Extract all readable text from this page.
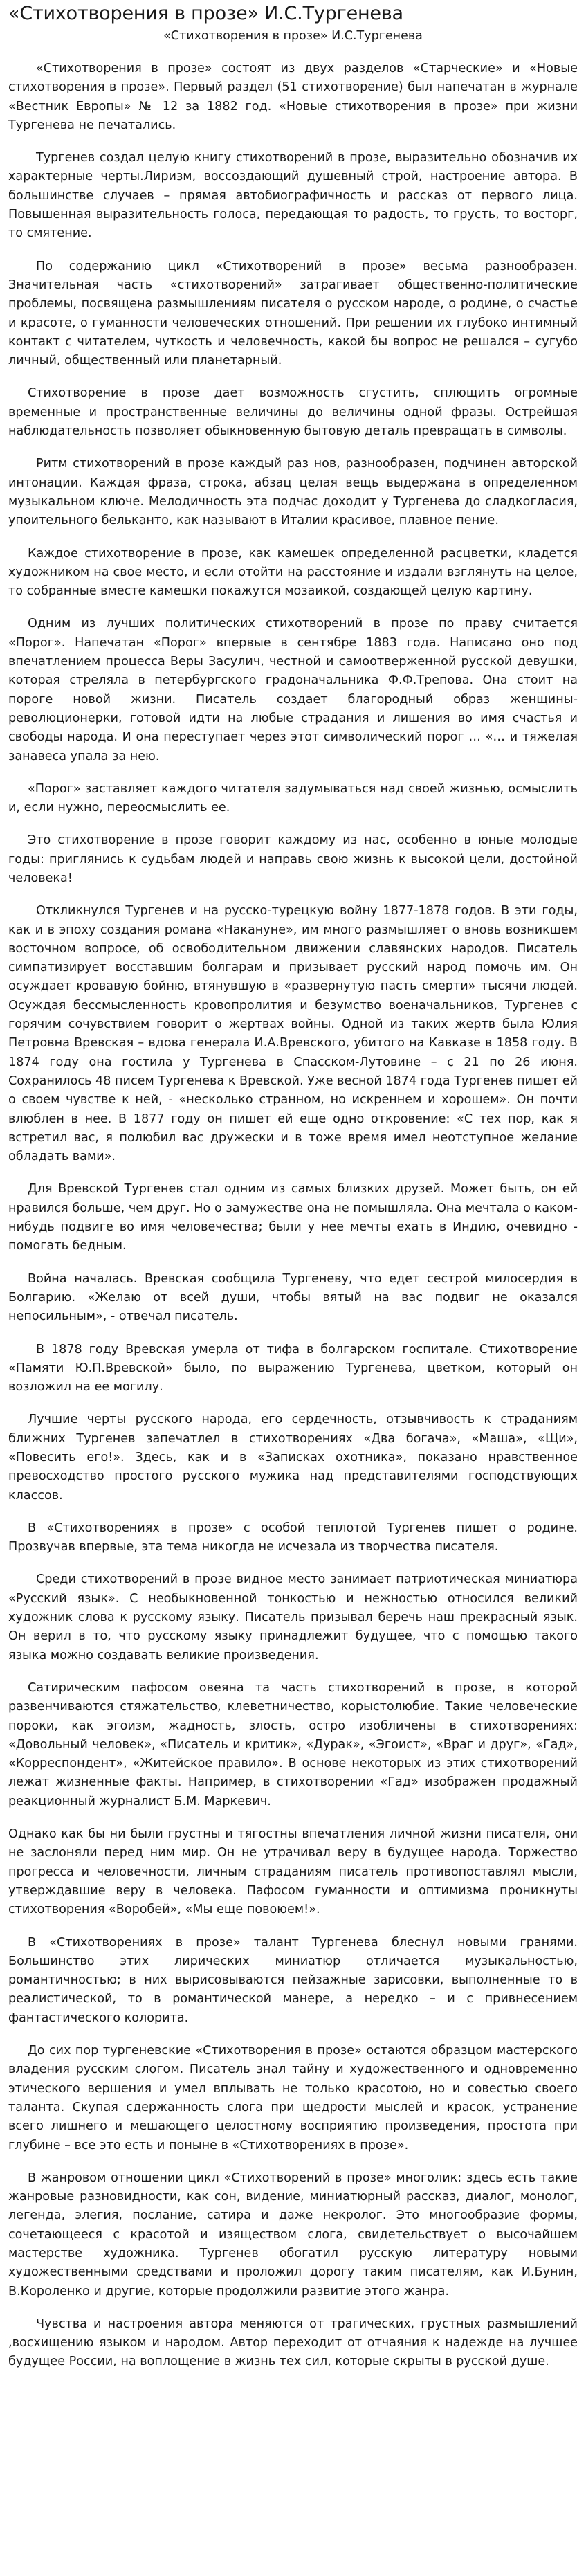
«Стихотворения в прозе» И.С.Тургенева
«Стихотворения в прозе» И.С.Тургенева

«Стихотворения в прозе» состоят из двух разделов «Старческие» и «Новые стихотворения в прозе». Первый раздел (51 стихотворение) был напечатан в журнале «Вестник Европы» № 12 за 1882 год. «Новые стихотворения в прозе» при жизни Тургенева не печатались.

Тургенев создал целую книгу стихотворений в прозе, выразительно обозначив их характерные черты.Лиризм, воссоздающий душевный строй, настроение автора. В большинстве случаев – прямая автобиографичность и рассказ от первого лица. Повышенная выразительность голоса, передающая то радость, то грусть, то восторг, то смятение.

По содержанию цикл «Стихотворений в прозе» весьма разнообразен. Значительная часть «стихотворений» затрагивает общественно-политические проблемы, посвящена размышлениям писателя о русском народе, о родине, о счастье и красоте, о гуманности человеческих отношений. При решении их глубоко интимный контакт с читателем, чуткость и человечность, какой бы вопрос не решался – сугубо личный, общественный или планетарный.

Стихотворение в прозе дает возможность сгустить, сплющить огромные временные и пространственные величины до величины одной фразы. Острейшая наблюдательность позволяет обыкновенную бытовую деталь превращать в символы.

Ритм стихотворений в прозе каждый раз нов, разнообразен, подчинен авторской интонации. Каждая фраза, строка, абзац целая вещь выдержана в определенном музыкальном ключе. Мелодичность эта подчас доходит у Тургенева до сладкогласия, упоительного бельканто, как называют в Италии красивое, плавное пение.

Каждое стихотворение в прозе, как камешек определенной расцветки, кладется художником на свое место, и если отойти на расстояние и издали взглянуть на целое, то собранные вместе камешки покажутся мозаикой, создающей целую картину.

Одним из лучших политических стихотворений в прозе по праву считается «Порог». Напечатан «Порог» впервые в сентябре 1883 года. Написано оно под впечатлением процесса Веры Засулич, честной и самоотверженной русской девушки, которая стреляла в петербургского градоначальника Ф.Ф.Трепова. Она стоит на пороге новой жизни. Писатель создает благородный образ женщины-революционерки, готовой идти на любые страдания и лишения во имя счастья и свободы народа. И она переступает через этот символический порог … «… и тяжелая занавеса упала за нею.

«Порог» заставляет каждого читателя задумываться над своей жизнью, осмыслить и, если нужно, переосмыслить ее.

Это стихотворение в прозе говорит каждому из нас, особенно в юные молодые годы: приглянись к судьбам людей и направь свою жизнь к высокой цели, достойной человека!

Откликнулся Тургенев и на русско-турецкую войну 1877-1878 годов. В эти годы, как и в эпоху создания романа «Накануне», им много размышляет о вновь возникшем восточном вопросе, об освободительном движении славянских народов. Писатель симпатизирует восставшим болгарам и призывает русский народ помочь им. Он осуждает кровавую бойню, втянувшую в «развернутую пасть смерти» тысячи людей. Осуждая бессмысленность кровопролития и безумство военачальников, Тургенев с горячим сочувствием говорит о жертвах войны. Одной из таких жертв была Юлия Петровна Вревская – вдова генерала И.А.Вревского, убитого на Кавказе в 1858 году. В 1874 году она гостила у Тургенева в Спасском-Лутовине – с 21 по 26 июня. Сохранилось 48 писем Тургенева к Вревской. Уже весной 1874 года Тургенев пишет ей о своем чувстве к ней, - «несколько странном, но искреннем и хорошем». Он почти влюблен в нее. В 1877 году он пишет ей еще одно откровение: «С тех пор, как я встретил вас, я полюбил вас дружески и в тоже время имел неотступное желание обладать вами».

Для Вревской Тургенев стал одним из самых близких друзей. Может быть, он ей нравился больше, чем друг. Но о замужестве она не помышляла. Она мечтала о каком-нибудь подвиге во имя человечества; были у нее мечты ехать в Индию, очевидно - помогать бедным.

Война началась. Вревская сообщила Тургеневу, что едет сестрой милосердия в Болгарию. «Желаю от всей души, чтобы вятый на вас подвиг не оказался непосильным», - отвечал писатель.

В 1878 году Вревская умерла от тифа в болгарском госпитале. Стихотворение «Памяти Ю.П.Вревской» было, по выражению Тургенева, цветком, который он возложил на ее могилу.

Лучшие черты русского народа, его сердечность, отзывчивость к страданиям ближних Тургенев запечатлел в стихотворениях «Два богача», «Маша», «Щи», «Повесить его!». Здесь, как и в «Записках охотника», показано нравственное превосходство простого русского мужика над представителями господствующих классов.

В «Стихотворениях в прозе» с особой теплотой Тургенев пишет о родине. Прозвучав впервые, эта тема никогда не исчезала из творчества писателя.

Среди стихотворений в прозе видное место занимает патриотическая миниатюра «Русский язык». С необыкновенной тонкостью и нежностью относился великий художник слова к русскому языку. Писатель призывал беречь наш прекрасный язык. Он верил в то, что русскому языку принадлежит будущее, что с помощью такого языка можно создавать великие произведения.

Сатирическим пафосом овеяна та часть стихотворений в прозе, в которой развенчиваются стяжательство, клеветничество, корыстолюбие. Такие человеческие пороки, как эгоизм, жадность, злость, остро изобличены в стихотворениях: «Довольный человек», «Писатель и критик», «Дурак», «Эгоист», «Враг и друг», «Гад», «Корреспондент», «Житейское правило». В основе некоторых из этих стихотворений лежат жизненные факты. Например, в стихотворении «Гад» изображен продажный реакционный журналист Б.М. Маркевич.

Однако как бы ни были грустны и тягостны впечатления личной жизни писателя, они не заслоняли перед ним мир. Он не утрачивал веру в будущее народа. Торжество прогресса и человечности, личным страданиям писатель противопоставлял мысли, утверждавшие веру в человека. Пафосом гуманности и оптимизма проникнуты стихотворения «Воробей», «Мы еще повоюем!».

В «Стихотворениях в прозе» талант Тургенева блеснул новыми гранями. Большинство этих лирических миниатюр отличается музыкальностью, романтичностью; в них вырисовываются пейзажные зарисовки, выполненные то в реалистической, то в романтической манере, а нередко – и с привнесением фантастического колорита.

До сих пор тургеневские «Стихотворения в прозе» остаются образцом мастерского владения русским слогом. Писатель знал тайну и художественного и одновременно этического вершения и умел вплывать не только красотою, но и совестью своего таланта. Скупая сдержанность слога при щедрости мыслей и красок, устранение всего лишнего и мешающего целостному восприятию произведения, простота при глубине – все это есть и поныне в «Стихотворениях в прозе».

В жанровом отношении цикл «Стихотворений в прозе» многолик: здесь есть такие жанровые разновидности, как сон, видение, миниатюрный рассказ, диалог, монолог, легенда, элегия, послание, сатира и даже некролог. Это многообразие формы, сочетающееся с красотой и изяществом слога, свидетельствует о высочайшем мастерстве художника. Тургенев обогатил русскую литературу новыми художественными средствами и проложил дорогу таким писателям, как И.Бунин, В.Короленко и другие, которые продолжили развитие этого жанра.

Чувства и настроения автора меняются от трагических, грустных размышлений ,восхищению языком и народом. Автор переходит от отчаяния к надежде на лучшее будущее России, на воплощение в жизнь тех сил, которые скрыты в русской душе.
